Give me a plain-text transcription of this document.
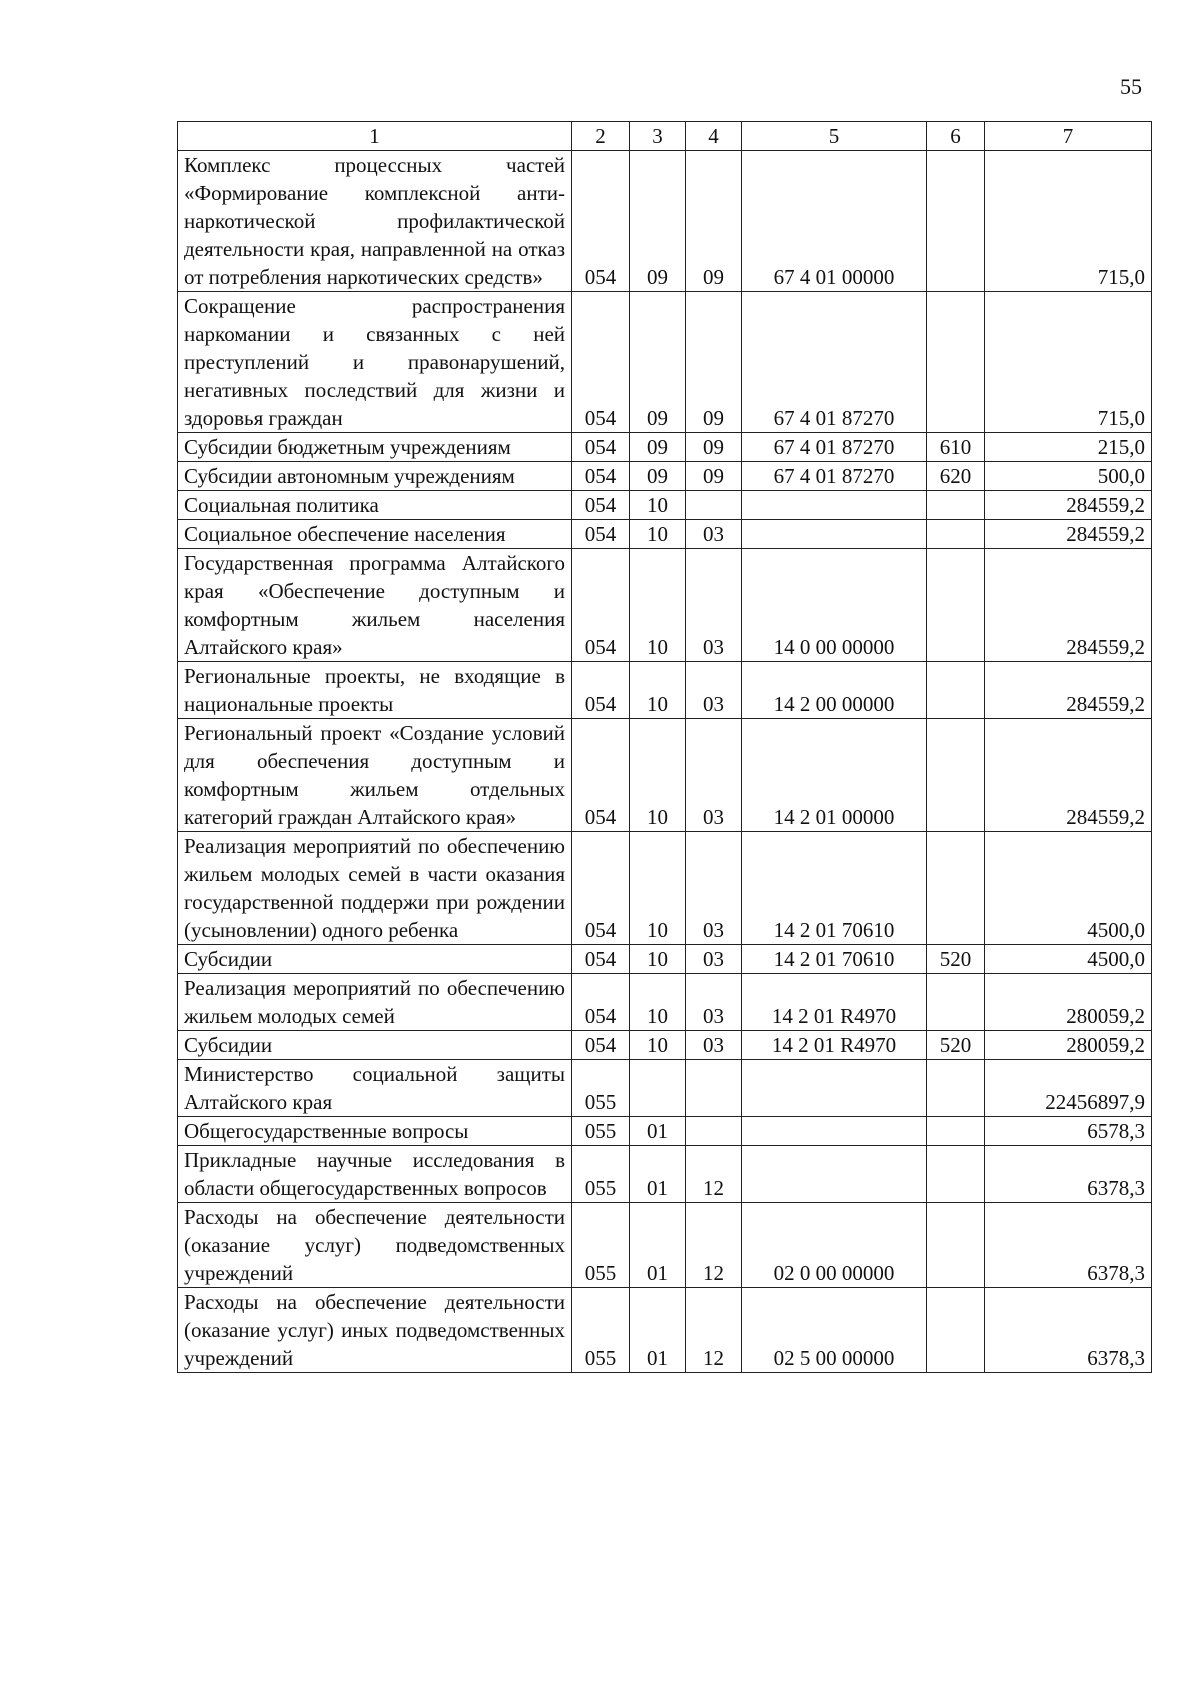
55
1	2	3	4	5	6	7
Комплекс процессных частей «Формирование комплексной анти-наркотической профилактической деятельности края, направленной на отказ от потребления наркотических средств»	054	09	09	67 4 01 00000		715,0
Сокращение распространения наркомании и связанных с ней преступлений и правонарушений, негативных последствий для жизни и здоровья граждан	054	09	09	67 4 01 87270		715,0
Субсидии бюджетным учреждениям	054	09	09	67 4 01 87270	610	215,0
Субсидии автономным учреждениям	054	09	09	67 4 01 87270	620	500,0
Социальная политика	054	10				284559,2
Социальное обеспечение населения	054	10	03			284559,2
Государственная программа Алтайского края «Обеспечение доступным и комфортным жильем населения Алтайского края»	054	10	03	14 0 00 00000		284559,2
Региональные проекты, не входящие в национальные проекты	054	10	03	14 2 00 00000		284559,2
Региональный проект «Создание условий для обеспечения доступным и комфортным жильем отдельных категорий граждан Алтайского края»	054	10	03	14 2 01 00000		284559,2
Реализация мероприятий по обеспечению жильем молодых семей в части оказания государственной поддержи при рождении (усыновлении) одного ребенка	054	10	03	14 2 01 70610		4500,0
Субсидии	054	10	03	14 2 01 70610	520	4500,0
Реализация мероприятий по обеспечению жильем молодых семей	054	10	03	14 2 01 R4970		280059,2
Субсидии	054	10	03	14 2 01 R4970	520	280059,2
Министерство социальной защиты Алтайского края	055					22456897,9
Общегосударственные вопросы	055	01				6578,3
Прикладные научные исследования в области общегосударственных вопросов	055	01	12			6378,3
Расходы на обеспечение деятельности (оказание услуг) подведомственных учреждений	055	01	12	02 0 00 00000		6378,3
Расходы на обеспечение деятельности (оказание услуг) иных подведомственных учреждений	055	01	12	02 5 00 00000		6378,3
